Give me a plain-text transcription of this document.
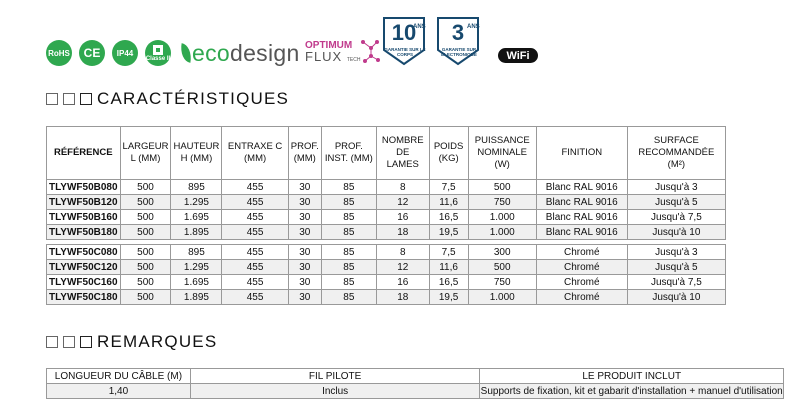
RoHS CE IP44
Classe II ecodesign OPTIMUM
FLUX TECH
10
ANS
GARANTIE SUR LE CORPS
3 ANS
GARANTIE SUR ÉLECTRONIQUE	WiFi
CARACTÉRISTIQUES
RÉFÉRENCE	LARGEUR L (MM)	HAUTEUR H (MM)	ENTRAXE C (MM)	PROF. (MM)	PROF. INST. (MM)	NOMBRE DE LAMES	POIDS (KG)	PUISSANCE NOMINALE (W)	FINITION	SURFACE RECOMMANDÉE (M²)
TLYWF50B080	500	895	455	30	85	8	7,5	500	Blanc RAL 9016	Jusqu'à 3
TLYWF50B120	500	1.295	455	30	85	12	11,6	750	Blanc RAL 9016	Jusqu'à 5
TLYWF50B160	500	1.695	455	30	85	16	16,5	1.000	Blanc RAL 9016	Jusqu'à 7,5
TLYWF50B180	500	1.895	455	30	85	18	19,5	1.000	Blanc RAL 9016	Jusqu'à 10

TLYWF50C080	500	895	455	30	85	8	7,5	300	Chromé	Jusqu'à 3
TLYWF50C120	500	1.295	455	30	85	12	11,6	500	Chromé	Jusqu'à 5
TLYWF50C160	500	1.695	455	30	85	16	16,5	750	Chromé	Jusqu'à 7,5
TLYWF50C180	500	1.895	455	30	85	18	19,5	1.000	Chromé	Jusqu'à 10
REMARQUES
LONGUEUR DU CÂBLE (M)	FIL PILOTE	LE PRODUIT INCLUT
1,40	Inclus	Supports de fixation, kit et gabarit d'installation + manuel d'utilisation
